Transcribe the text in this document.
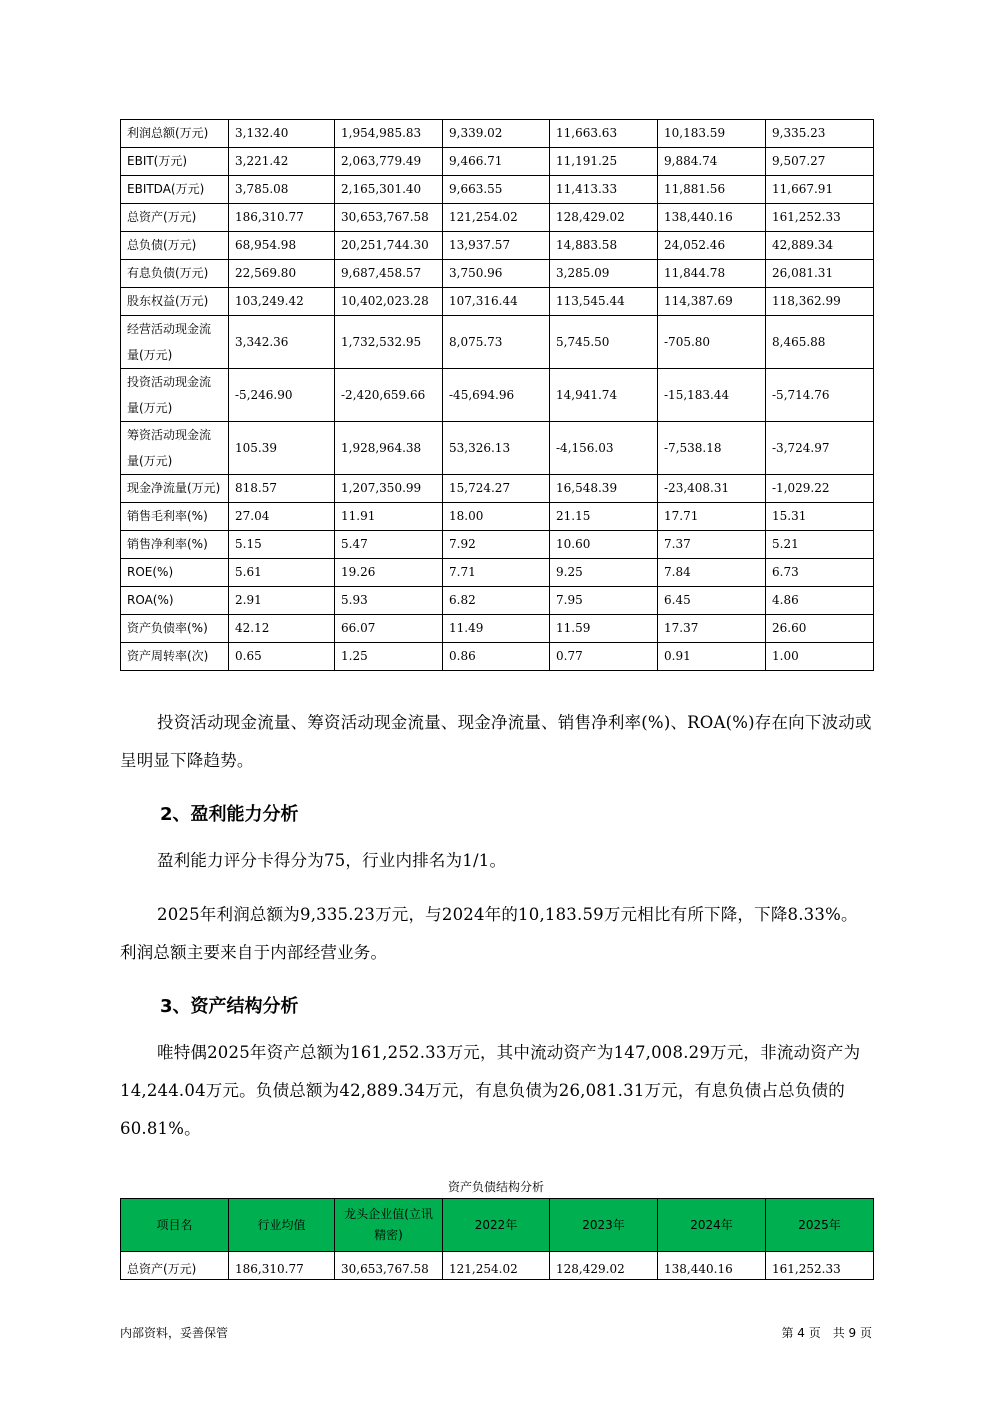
利润总额(万元)	3,132.40	1,954,985.83	9,339.02	11,663.63	10,183.59	9,335.23
EBIT(万元)	3,221.42	2,063,779.49	9,466.71	11,191.25	9,884.74	9,507.27
EBITDA(万元)	3,785.08	2,165,301.40	9,663.55	11,413.33	11,881.56	11,667.91
总资产(万元)	186,310.77	30,653,767.58	121,254.02	128,429.02	138,440.16	161,252.33
总负债(万元)	68,954.98	20,251,744.30	13,937.57	14,883.58	24,052.46	42,889.34
有息负债(万元)	22,569.80	9,687,458.57	3,750.96	3,285.09	11,844.78	26,081.31
股东权益(万元)	103,249.42	10,402,023.28	107,316.44	113,545.44	114,387.69	118,362.99
经营活动现金流量(万元)	3,342.36	1,732,532.95	8,075.73	5,745.50	-705.80	8,465.88
投资活动现金流量(万元)	-5,246.90	-2,420,659.66	-45,694.96	14,941.74	-15,183.44	-5,714.76
筹资活动现金流量(万元)	105.39	1,928,964.38	53,326.13	-4,156.03	-7,538.18	-3,724.97
现金净流量(万元)	818.57	1,207,350.99	15,724.27	16,548.39	-23,408.31	-1,029.22
销售毛利率(%)	27.04	11.91	18.00	21.15	17.71	15.31
销售净利率(%)	5.15	5.47	7.92	10.60	7.37	5.21
ROE(%)	5.61	19.26	7.71	9.25	7.84	6.73
ROA(%)	2.91	5.93	6.82	7.95	6.45	4.86
资产负债率(%)	42.12	66.07	11.49	11.59	17.37	26.60
资产周转率(次)	0.65	1.25	0.86	0.77	0.91	1.00
投资活动现金流量、筹资活动现金流量、现金净流量、销售净利率(%)、ROA(%)存在向下波动或呈明显下降趋势。
2、盈利能力分析
盈利能力评分卡得分为75，行业内排名为1/1。
2025年利润总额为9,335.23万元，与2024年的10,183.59万元相比有所下降，下降8.33%。利润总额主要来自于内部经营业务。
3、资产结构分析
唯特偶2025年资产总额为161,252.33万元，其中流动资产为147,008.29万元，非流动资产为14,244.04万元。负债总额为42,889.34万元，有息负债为26,081.31万元，有息负债占总负债的60.81%。
资产负债结构分析
项目名	行业均值	龙头企业值(立讯精密)	2022年	2023年	2024年	2025年
总资产(万元)	186,310.77	30,653,767.58	121,254.02	128,429.02	138,440.16	161,252.33
内部资料，妥善保管	第 4 页　共 9 页
